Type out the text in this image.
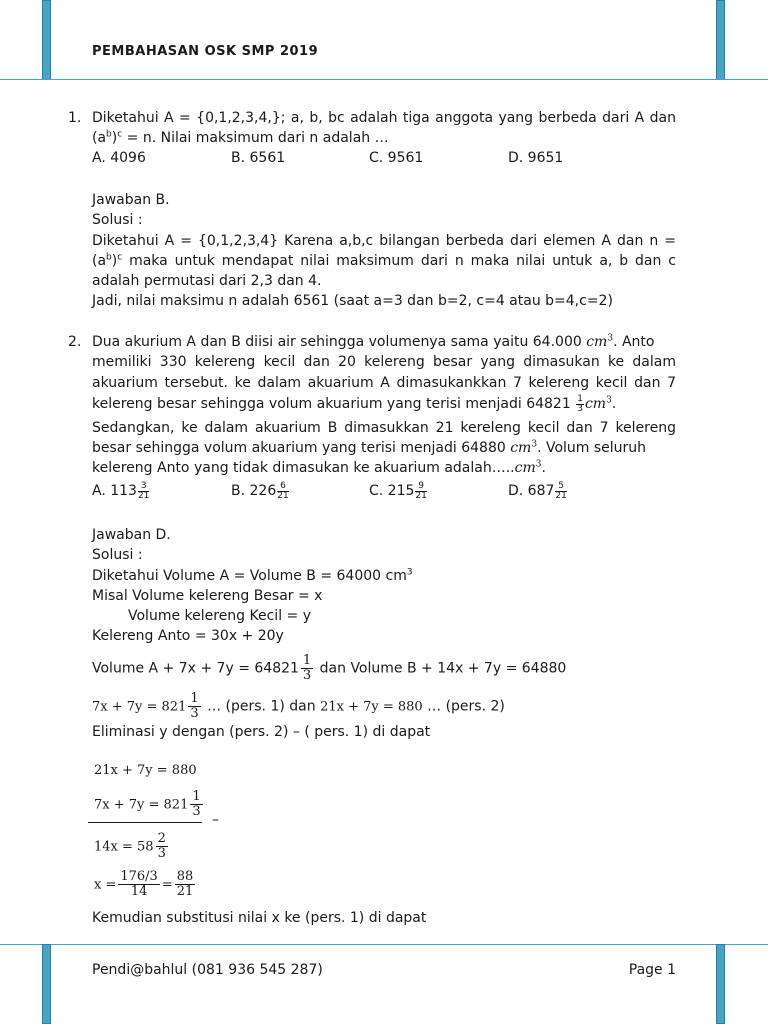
PEMBAHASAN OSK SMP 2019
1. Diketahui A = {0,1,2,3,4,}; a, b, bc adalah tiga anggota yang berbeda dari A dan
$(a^b)^c = n$. Nilai maksimum dari n adalah …
A. 4096	B. 6561	C. 9561	D. 9651
Jawaban B.
Solusi :
Diketahui A = {0,1,2,3,4} Karena a,b,c bilangan berbeda dari elemen A dan n =
$(a^b)^c$ maka untuk mendapat nilai maksimum dari n maka nilai untuk a, b dan c
adalah permutasi dari 2,3 dan 4.
Jadi, nilai maksimu n adalah 6561 (saat a=3 dan b=2, c=4 atau b=4,c=2)
2. Dua akurium A dan B diisi air sehingga volumenya sama yaitu 64.000 $cm^3$. Anto
memiliki 330 kelereng kecil dan 20 kelereng besar yang dimasukan ke dalam
akuarium tersebut. ke dalam akuarium A dimasukankkan 7 kelereng kecil dan 7
kelereng besar sehingga volum akuarium yang terisi menjadi $64821 \frac{1}{3} cm^3$.
Sedangkan, ke dalam akuarium B dimasukkan 21 kereleng kecil dan 7 kelereng
besar sehingga volum akuarium yang terisi menjadi 64880 $cm^3$. Volum seluruh
kelereng Anto yang tidak dimasukan ke akuarium $adalah\dots..cm^3$.
A. $113 \frac{3}{21}$	B. $226 \frac{6}{21}$	C. $215 \frac{9}{21}$	D. $687 \frac{5}{21}$
Jawaban D.
Solusi :
Diketahui Volume A = Volume B = 64000 $cm^3$
Misal Volume kelereng Besar = x
Volume kelereng Kecil = y
Kelereng Anto = 30x + 20y
Volume $A + 7x + 7y = 64821 \frac{1}{3}$ dan Volume B + 14x + 7y = 64880
$7x + 7y = 821 \frac{1}{3}$ … (pers. 1) dan 21x + 7y = 880 … (pers. 2)
Eliminasi y dengan (pers. 2) – ( pers. 1) di dapat
21x + 7y = 880
$7x + 7y = 821 \frac{1}{3}$
–
$14x = 58 \frac{2}{3}$
$x = \frac{176/3}{14} = \frac{88}{21}$
Kemudian substitusi nilai x ke (pers. 1) di dapat
Pendi@bahlul (081 936 545 287)	Page 1
